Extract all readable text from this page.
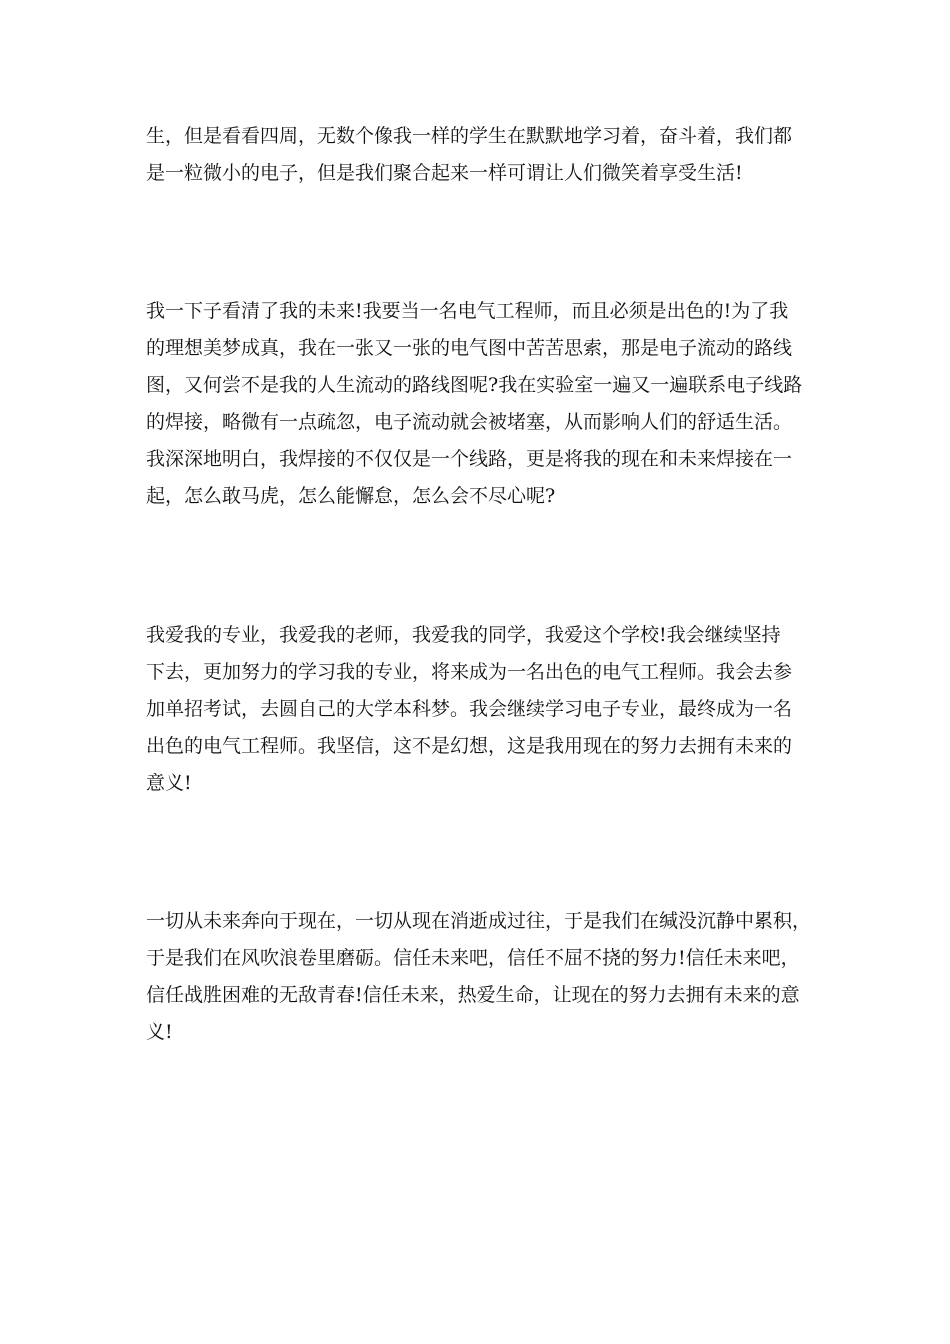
生，但是看看四周，无数个像我一样的学生在默默地学习着，奋斗着，我们都
是一粒微小的电子，但是我们聚合起来一样可谓让人们微笑着享受生活!
我一下子看清了我的未来!我要当一名电气工程师，而且必须是出色的!为了我
的理想美梦成真，我在一张又一张的电气图中苦苦思索，那是电子流动的路线
图，又何尝不是我的人生流动的路线图呢?我在实验室一遍又一遍联系电子线路
的焊接，略微有一点疏忽，电子流动就会被堵塞，从而影响人们的舒适生活。
我深深地明白，我焊接的不仅仅是一个线路，更是将我的现在和未来焊接在一
起，怎么敢马虎，怎么能懈怠，怎么会不尽心呢?
我爱我的专业，我爱我的老师，我爱我的同学，我爱这个学校!我会继续坚持
下去，更加努力的学习我的专业，将来成为一名出色的电气工程师。我会去参
加单招考试，去圆自己的大学本科梦。我会继续学习电子专业，最终成为一名
出色的电气工程师。我坚信，这不是幻想，这是我用现在的努力去拥有未来的
意义!
一切从未来奔向于现在，一切从现在消逝成过往，于是我们在缄没沉静中累积，
于是我们在风吹浪卷里磨砺。信任未来吧，信任不屈不挠的努力!信任未来吧，
信任战胜困难的无敌青春!信任未来，热爱生命，让现在的努力去拥有未来的意
义!
